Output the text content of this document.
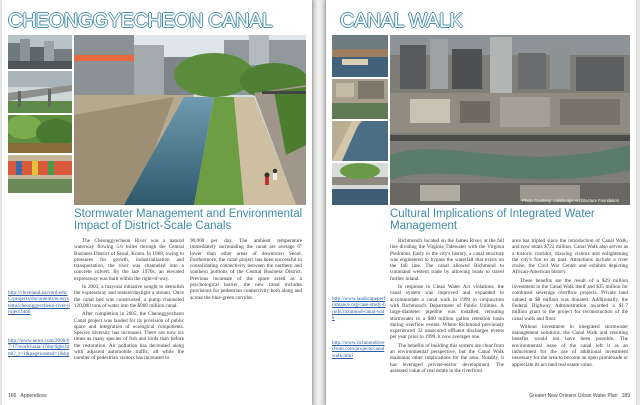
CHEONGGYECHEON CANAL
Stormwater Management and Environmental Impact of District-Scale Canals

The Cheonggyecheon River was a natural waterway flowing 5.6 miles through the Central Business District of Seoul, Korea. In 1968, owing to pressures for growth, industrialization and transportation, the river was channeled into a concrete culvert. By the late 1970s, an elevated expressway was built within the right-of-way.

In 2003, a mayoral initiative sought to demolish the expressway and restore/daylight a stream. Once the canal bed was constructed, a pump channeled 120,000 tons of water into the $900 million canal.

After completion in 2005, the Cheonggyecheon Canal project was lauded for its provision of public space and integration of ecological components. Species diversity has increased. There are now six times as many species of fish and birds than before the restoration. Air pollution has decreased along with adjacent automobile traffic, all while the number of pedestrian visitors has increased to

90,000 per day. The ambient temperature immediately surrounding the canal are average 6° lower than other areas of downtown Seoul. Furthermore, the canal project has been successful in consolidating connectivity between the northern and southern portions of the Central Business District. Previous incarnate of the space acted as a psychological barrier, the new canal includes provisions for pedestrian connectivity both along and across the blue-green corridor.

http://cleveland.harvard.edu/G/projects/documents/ecosystems/cheonggyecheon-river-project.html
http://www.news.com/2008/07/17/world/asia/17daylight.html?_r=1&pagewanted=1&hp
166 Appendices
CANAL WALK
Photo Courtesy: Landscape Architecture Foundation
Cultural Implications of Integrated Water Management

Richmond's located on the James River, at the fall line dividing the Virginia Tidewater with the Virginia Piedmont. Early in the city's history, a canal structure was engineered to bypass the waterfall that exists on the fall line. The canal allowed Richmond to command western trade by allowing boats to travel further inland.

In response to Clean Water Act violations, the canal system was improved and expanded to accommodate a canal walk in 1999 in conjunction with Richmond's Department of Public Utilities. A large-diameter pipeline was installed, rerouting stormwater to a $80 million gallon retention basin during overflow events. Where Richmond previously experienced 32 unsecured effluent discharges events per year prior to 1999, it now averages one.

The benefits of building this system are clear from an environmental perspective, but the Canal Walk maintains other implications for the area. Notably, it has leveraged private-sector development. The assessed value of real estate in the riverfront

area has tripled since the introduction of Canal Walk, and now totals $722 million. Canal Walk also serves as a historic corridor, drawing visitors and enlightening the city's fun to its past. Attractions include a river cruise, the Civil War Center and exhibits depicting African-American history.

These benefits are the result of a $29 million investment in the Canal Walk itself and $35 million for combined sewerage overflow projects. Private land valued at $8 million was donated. Additionally, the Federal Highway Administration awarded a $1.7 million grant to the project for reconstruction of the canal walls and floor.

Without investment in integrated stormwater management solutions, the Canal Walk and resulting benefits would not have been possible. The environmental issue of the canal left it as an inducement for the use of additional investment necessary for the area to become an open promenade or appreciate its accrued real estate value.

http://www.landscapeperformance.org/case-study-briefs/richmond-canal-walk
http://www.richmondriverfront.com/projects/canalwalk.html
Greater New Orleans Urban Water Plan 189
